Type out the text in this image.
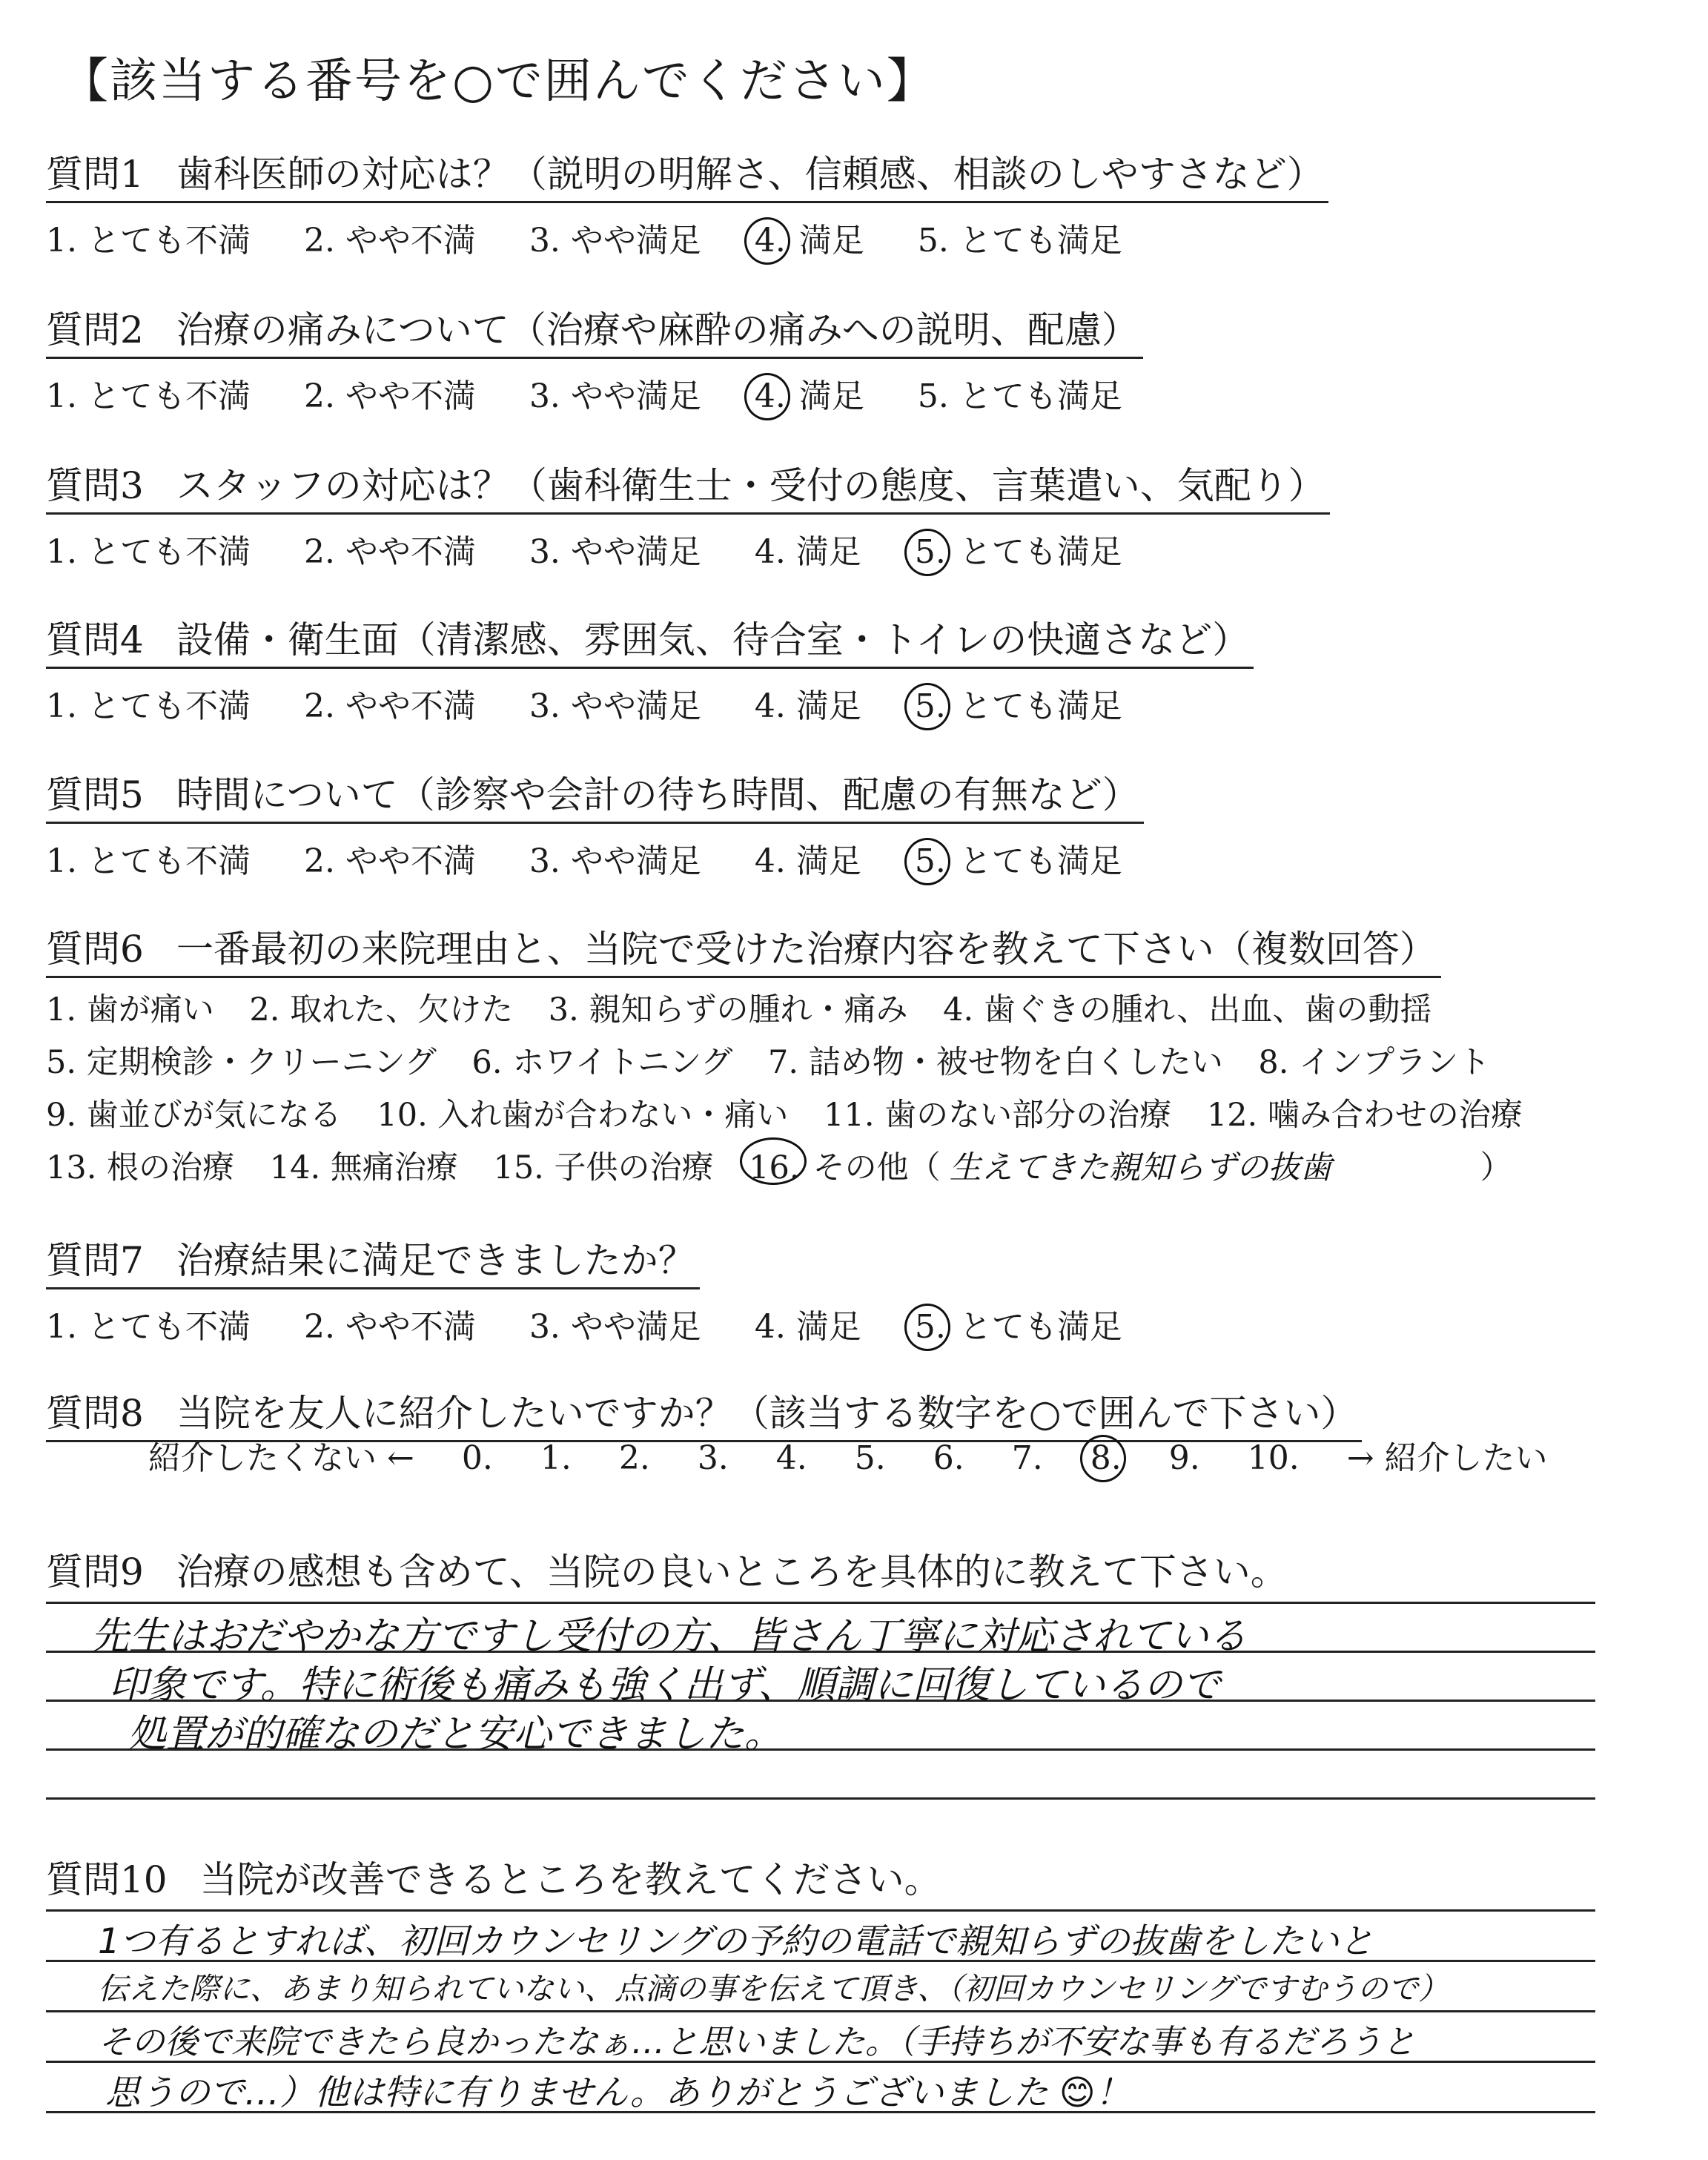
【該当する番号を○で囲んでください】
質問1 歯科医師の対応は？（説明の明解さ、信頼感、相談のしやすさなど）
1. とても不満 2. やや不満 3. やや満足 4. 満足 5. とても満足
質問2 治療の痛みについて（治療や麻酔の痛みへの説明、配慮）
1. とても不満 2. やや不満 3. やや満足 4. 満足 5. とても満足
質問3 スタッフの対応は？（歯科衛生士・受付の態度、言葉遣い、気配り）
1. とても不満 2. やや不満 3. やや満足 4. 満足 5. とても満足
質問4 設備・衛生面（清潔感、雰囲気、待合室・トイレの快適さなど）
1. とても不満 2. やや不満 3. やや満足 4. 満足 5. とても満足
質問5 時間について（診察や会計の待ち時間、配慮の有無など）
1. とても不満 2. やや不満 3. やや満足 4. 満足 5. とても満足
質問6 一番最初の来院理由と、当院で受けた治療内容を教えて下さい（複数回答）
1. 歯が痛い 2. 取れた、欠けた 3. 親知らずの腫れ・痛み 4. 歯ぐきの腫れ、出血、歯の動揺
5. 定期検診・クリーニング 6. ホワイトニング 7. 詰め物・被せ物を白くしたい 8. インプラント
9. 歯並びが気になる 10. 入れ歯が合わない・痛い 11. 歯のない部分の治療 12. 噛み合わせの治療
13. 根の治療 14. 無痛治療 15. 子供の治療 16. その他（ 生えてきた親知らずの抜歯	）
質問7 治療結果に満足できましたか？
1. とても不満 2. やや不満 3. やや満足 4. 満足 5. とても満足
質問8 当院を友人に紹介したいですか？（該当する数字を○で囲んで下さい）
紹介したくない ← 0. 1. 2. 3. 4. 5. 6. 7. 8. 9. 10. → 紹介したい
質問9 治療の感想も含めて、当院の良いところを具体的に教えて下さい。
先生はおだやかな方ですし受付の方、皆さん丁寧に対応されている
印象です。特に術後も痛みも強く出ず、順調に回復しているので
処置が的確なのだと安心できました。
質問10 当院が改善できるところを教えてください。
1つ有るとすれば、初回カウンセリングの予約の電話で親知らずの抜歯をしたいと
伝えた際に、あまり知られていない、点滴の事を伝えて頂き、（初回カウンセリングですむうので）
その後で来院できたら良かったなぁ…と思いました。（手持ちが不安な事も有るだろうと
思うので…）他は特に有りません。ありがとうございました 😊！
